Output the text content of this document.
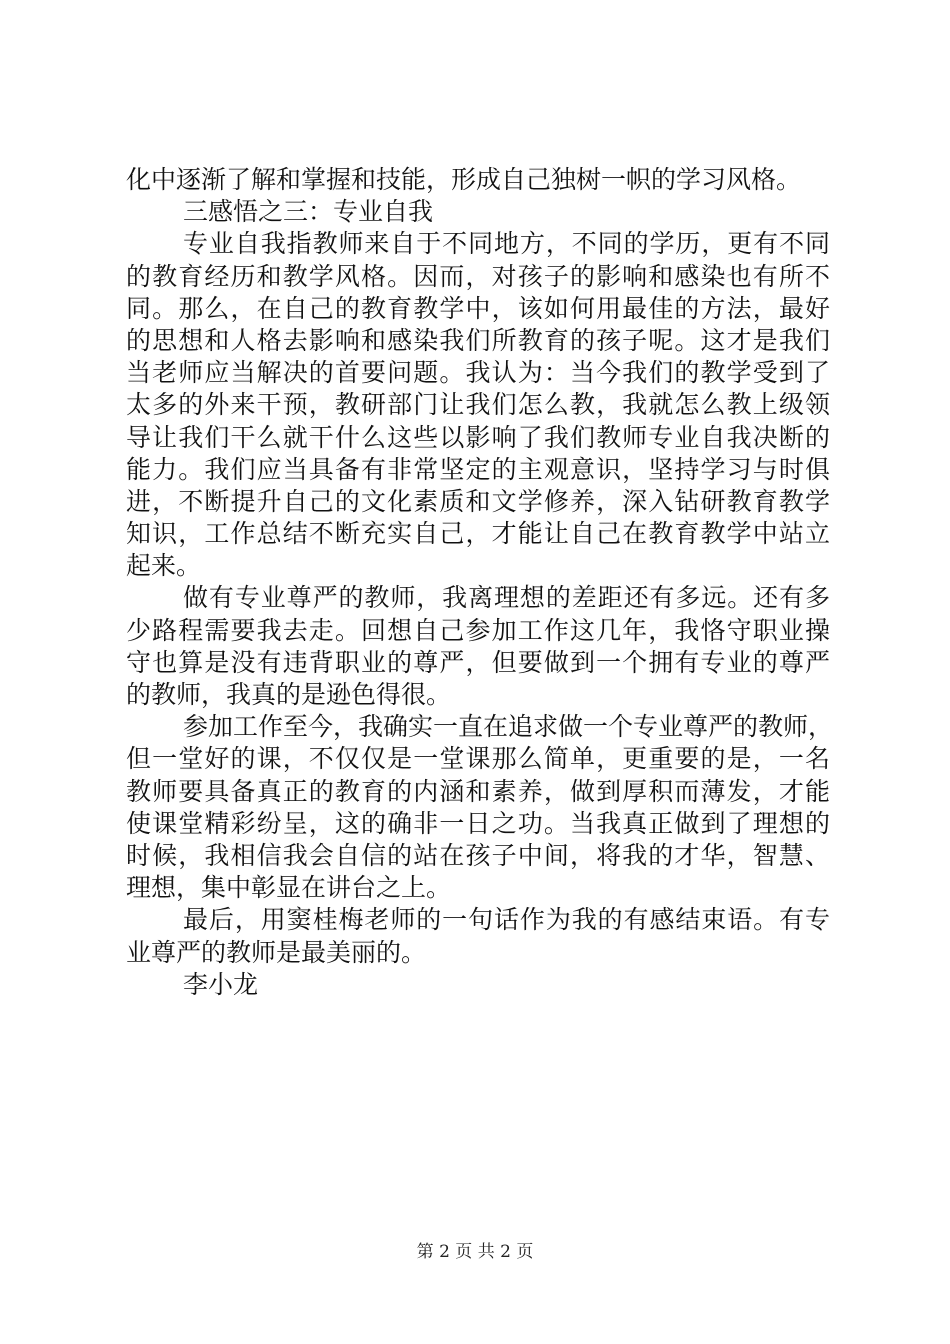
化中逐渐了解和掌握和技能，形成自己独树一帜的学习风格。
三感悟之三：专业自我
专业自我指教师来自于不同地方，不同的学历，更有不同
的教育经历和教学风格。因而，对孩子的影响和感染也有所不
同。那么，在自己的教育教学中，该如何用最佳的方法，最好
的思想和人格去影响和感染我们所教育的孩子呢。这才是我们
当老师应当解决的首要问题。我认为：当今我们的教学受到了
太多的外来干预，教研部门让我们怎么教，我就怎么教上级领
导让我们干么就干什么这些以影响了我们教师专业自我决断的
能力。我们应当具备有非常坚定的主观意识，坚持学习与时俱
进，不断提升自己的文化素质和文学修养，深入钻研教育教学
知识，工作总结不断充实自己，才能让自己在教育教学中站立
起来。
做有专业尊严的教师，我离理想的差距还有多远。还有多
少路程需要我去走。回想自己参加工作这几年，我恪守职业操
守也算是没有违背职业的尊严，但要做到一个拥有专业的尊严
的教师，我真的是逊色得很。
参加工作至今，我确实一直在追求做一个专业尊严的教师，
但一堂好的课，不仅仅是一堂课那么简单，更重要的是，一名
教师要具备真正的教育的内涵和素养，做到厚积而薄发，才能
使课堂精彩纷呈，这的确非一日之功。当我真正做到了理想的
时候，我相信我会自信的站在孩子中间，将我的才华，智慧、
理想，集中彰显在讲台之上。
最后，用窦桂梅老师的一句话作为我的有感结束语。有专
业尊严的教师是最美丽的。
李小龙
第 2 页 共 2 页
